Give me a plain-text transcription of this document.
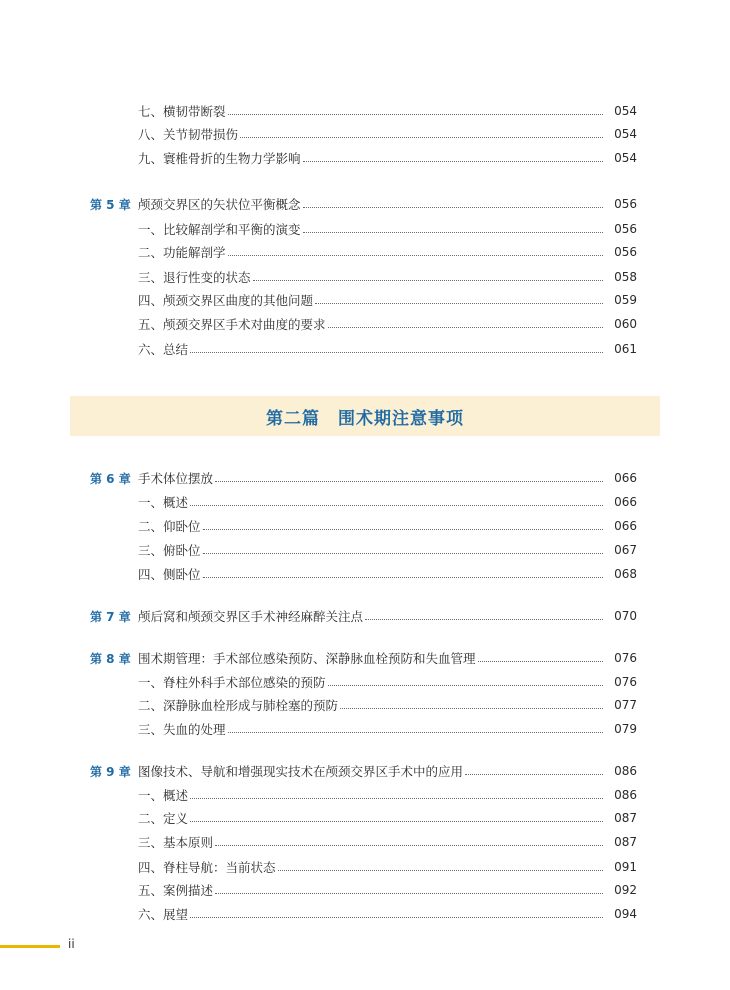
七、横韧带断裂	054
八、关节韧带损伤	054
九、寰椎骨折的生物力学影响	054
第 5 章 颅颈交界区的矢状位平衡概念	056
一、比较解剖学和平衡的演变	056
二、功能解剖学	056
三、退行性变的状态	058
四、颅颈交界区曲度的其他问题	059
五、颅颈交界区手术对曲度的要求	060
六、总结	061
第 6 章 手术体位摆放	066
一、概述	066
二、仰卧位	066
三、俯卧位	067
四、侧卧位	068
第 7 章 颅后窝和颅颈交界区手术神经麻醉关注点	070
第 8 章 围术期管理：手术部位感染预防、深静脉血栓预防和失血管理	076
一、脊柱外科手术部位感染的预防	076
二、深静脉血栓形成与肺栓塞的预防	077
三、失血的处理	079
第 9 章 图像技术、导航和增强现实技术在颅颈交界区手术中的应用	086
一、概述	086
二、定义	087
三、基本原则	087
四、脊柱导航：当前状态	091
五、案例描述	092
六、展望	094
第二篇　围术期注意事项
ii
